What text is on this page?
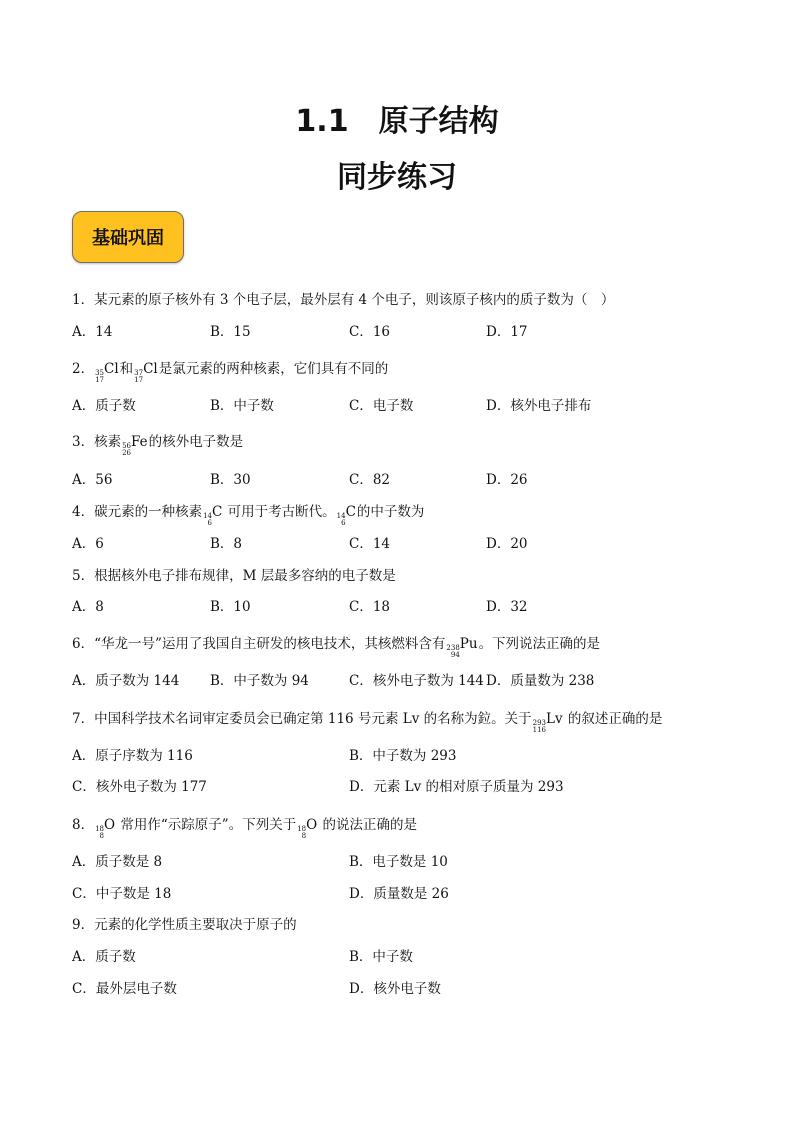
1.1　原子结构
同步练习
基础巩固
1．某元素的原子核外有 3 个电子层，最外层有 4 个电子，则该原子核内的质子数为（　）
A．14	B．15	C．16	D．17
2． 35
17
Cl和 37
17
Cl是氯元素的两种核素，它们具有不同的
A．质子数	B．中子数	C．电子数	D．核外电子排布
3．核素 56
26
Fe的核外电子数是
A．56	B．30	C．82	D．26
4．碳元素的一种核素 14
6
C 可用于考古断代。 14
6
C的中子数为
A．6	B．8	C．14	D．20
5．根据核外电子排布规律，M 层最多容纳的电子数是
A．8	B．10	C．18	D．32
6．“华龙一号”运用了我国自主研发的核电技术，其核燃料含有 238
94
Pu。下列说法正确的是
A．质子数为 144 B．中子数为 94	C．核外电子数为 144 D．质量数为 238
7．中国科学技术名词审定委员会已确定第 116 号元素 Lv 的名称为鉝。关于 293
116
Lv 的叙述正确的是
A．原子序数为 116	B．中子数为 293
C．核外电子数为 177	D．元素 Lv 的相对原子质量为 293
8． 18
8
O 常用作“示踪原子”。下列关于 18
8
O 的说法正确的是
A．质子数是 8	B．电子数是 10
C．中子数是 18	D．质量数是 26
9．元素的化学性质主要取决于原子的
A．质子数	B．中子数
C．最外层电子数	D．核外电子数
